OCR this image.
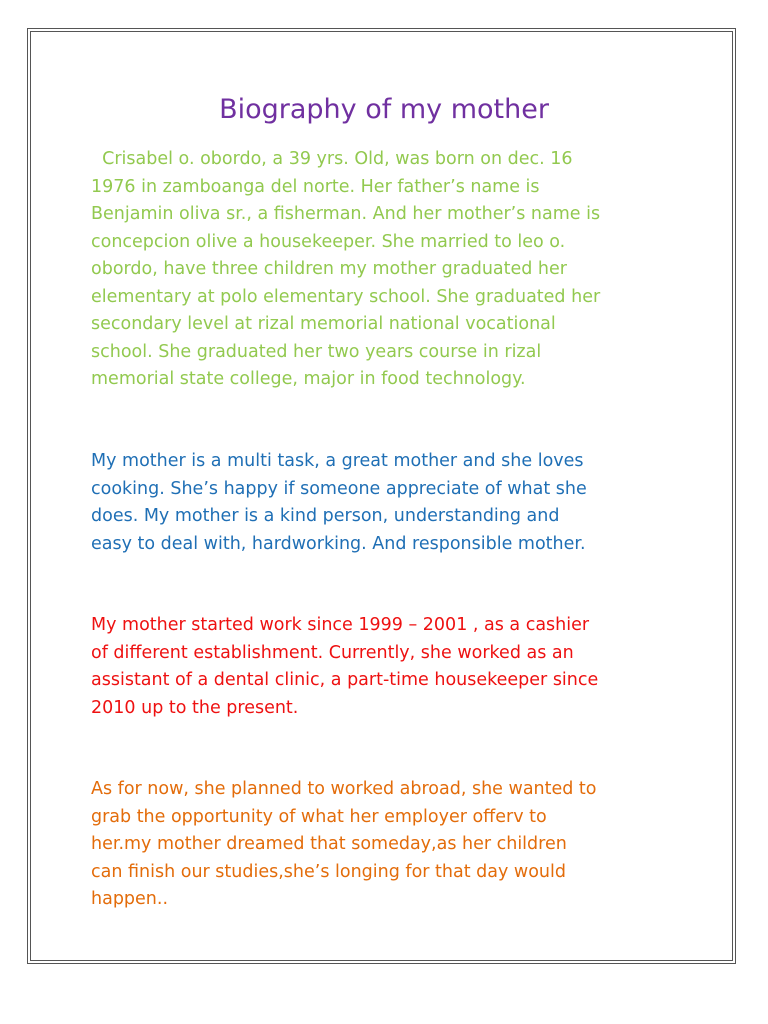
Biography of my mother

Crisabel o. obordo, a 39 yrs. Old, was born on dec. 16
1976 in zamboanga del norte. Her father’s name is
Benjamin oliva sr., a fisherman. And her mother’s name is
concepcion olive a housekeeper. She married to leo o.
obordo, have three children my mother graduated her
elementary at polo elementary school. She graduated her
secondary level at rizal memorial national vocational
school. She graduated her two years course in rizal
memorial state college, major in food technology.

My mother is a multi task, a great mother and she loves
cooking. She’s happy if someone appreciate of what she
does. My mother is a kind person, understanding and
easy to deal with, hardworking. And responsible mother.

My mother started work since 1999 – 2001 , as a cashier
of different establishment. Currently, she worked as an
assistant of a dental clinic, a part-time housekeeper since
2010 up to the present.

As for now, she planned to worked abroad, she wanted to
grab the opportunity of what her employer offerv to
her.my mother dreamed that someday,as her children
can finish our studies,she’s longing for that day would
happen..
